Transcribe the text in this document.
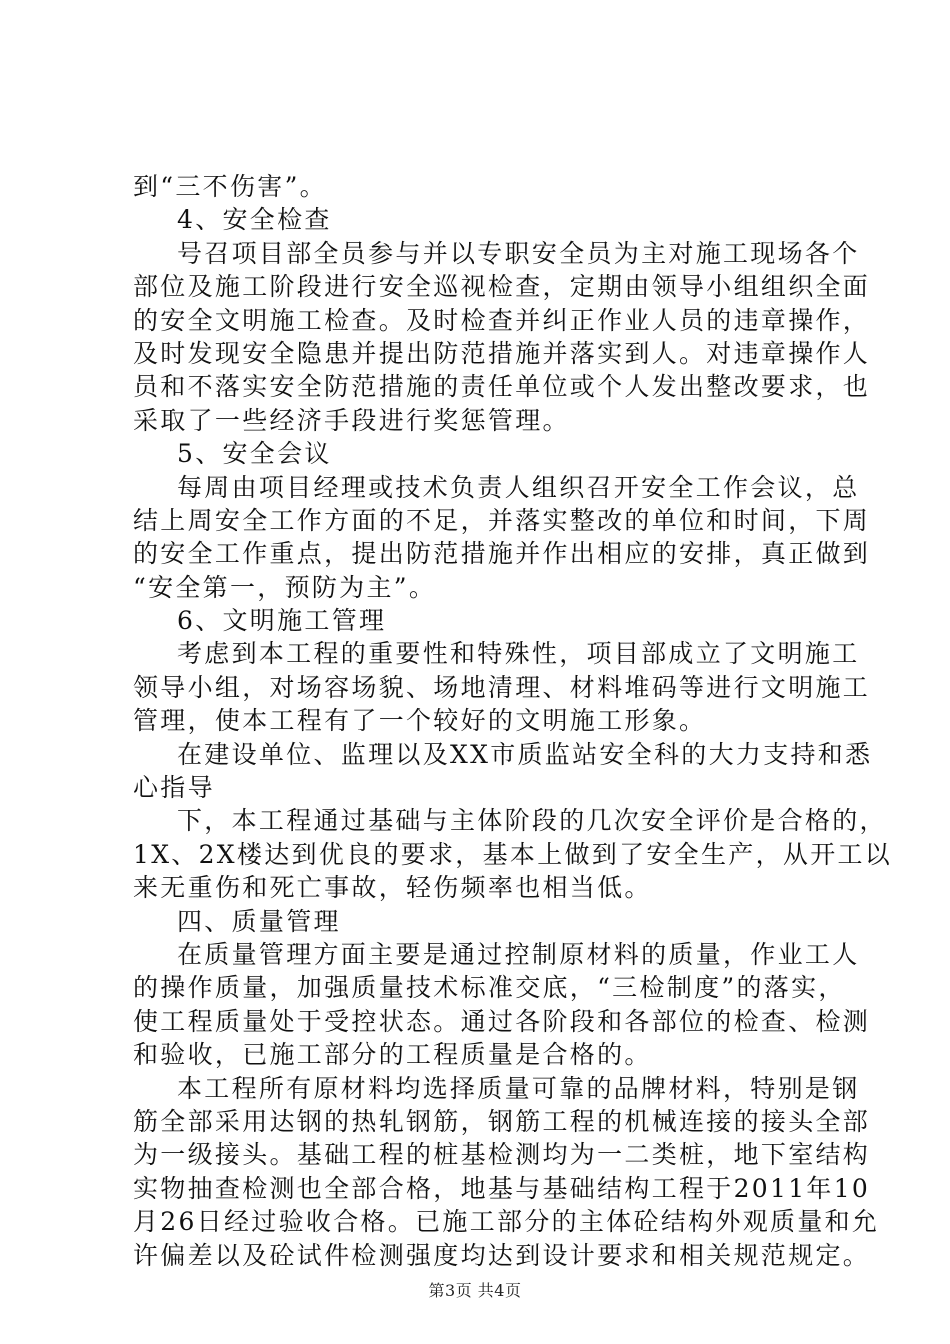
到“三不伤害”。
4、安全检查
号召项目部全员参与并以专职安全员为主对施工现场各个
部位及施工阶段进行安全巡视检查，定期由领导小组组织全面
的安全文明施工检查。及时检查并纠正作业人员的违章操作，
及时发现安全隐患并提出防范措施并落实到人。对违章操作人
员和不落实安全防范措施的责任单位或个人发出整改要求，也
采取了一些经济手段进行奖惩管理。
5、安全会议
每周由项目经理或技术负责人组织召开安全工作会议，总
结上周安全工作方面的不足，并落实整改的单位和时间，下周
的安全工作重点，提出防范措施并作出相应的安排，真正做到
“安全第一，预防为主”。
6、文明施工管理
考虑到本工程的重要性和特殊性，项目部成立了文明施工
领导小组，对场容场貌、场地清理、材料堆码等进行文明施工
管理，使本工程有了一个较好的文明施工形象。
在建设单位、监理以及XX市质监站安全科的大力支持和悉
心指导
下，本工程通过基础与主体阶段的几次安全评价是合格的，
1X、2X楼达到优良的要求，基本上做到了安全生产，从开工以
来无重伤和死亡事故，轻伤频率也相当低。
四、质量管理
在质量管理方面主要是通过控制原材料的质量，作业工人
的操作质量，加强质量技术标准交底，“三检制度”的落实，
使工程质量处于受控状态。通过各阶段和各部位的检查、检测
和验收，已施工部分的工程质量是合格的。
本工程所有原材料均选择质量可靠的品牌材料，特别是钢
筋全部采用达钢的热轧钢筋，钢筋工程的机械连接的接头全部
为一级接头。基础工程的桩基检测均为一二类桩，地下室结构
实物抽查检测也全部合格，地基与基础结构工程于2011年10
月26日经过验收合格。已施工部分的主体砼结构外观质量和允
许偏差以及砼试件检测强度均达到设计要求和相关规范规定。
第3页 共4页
